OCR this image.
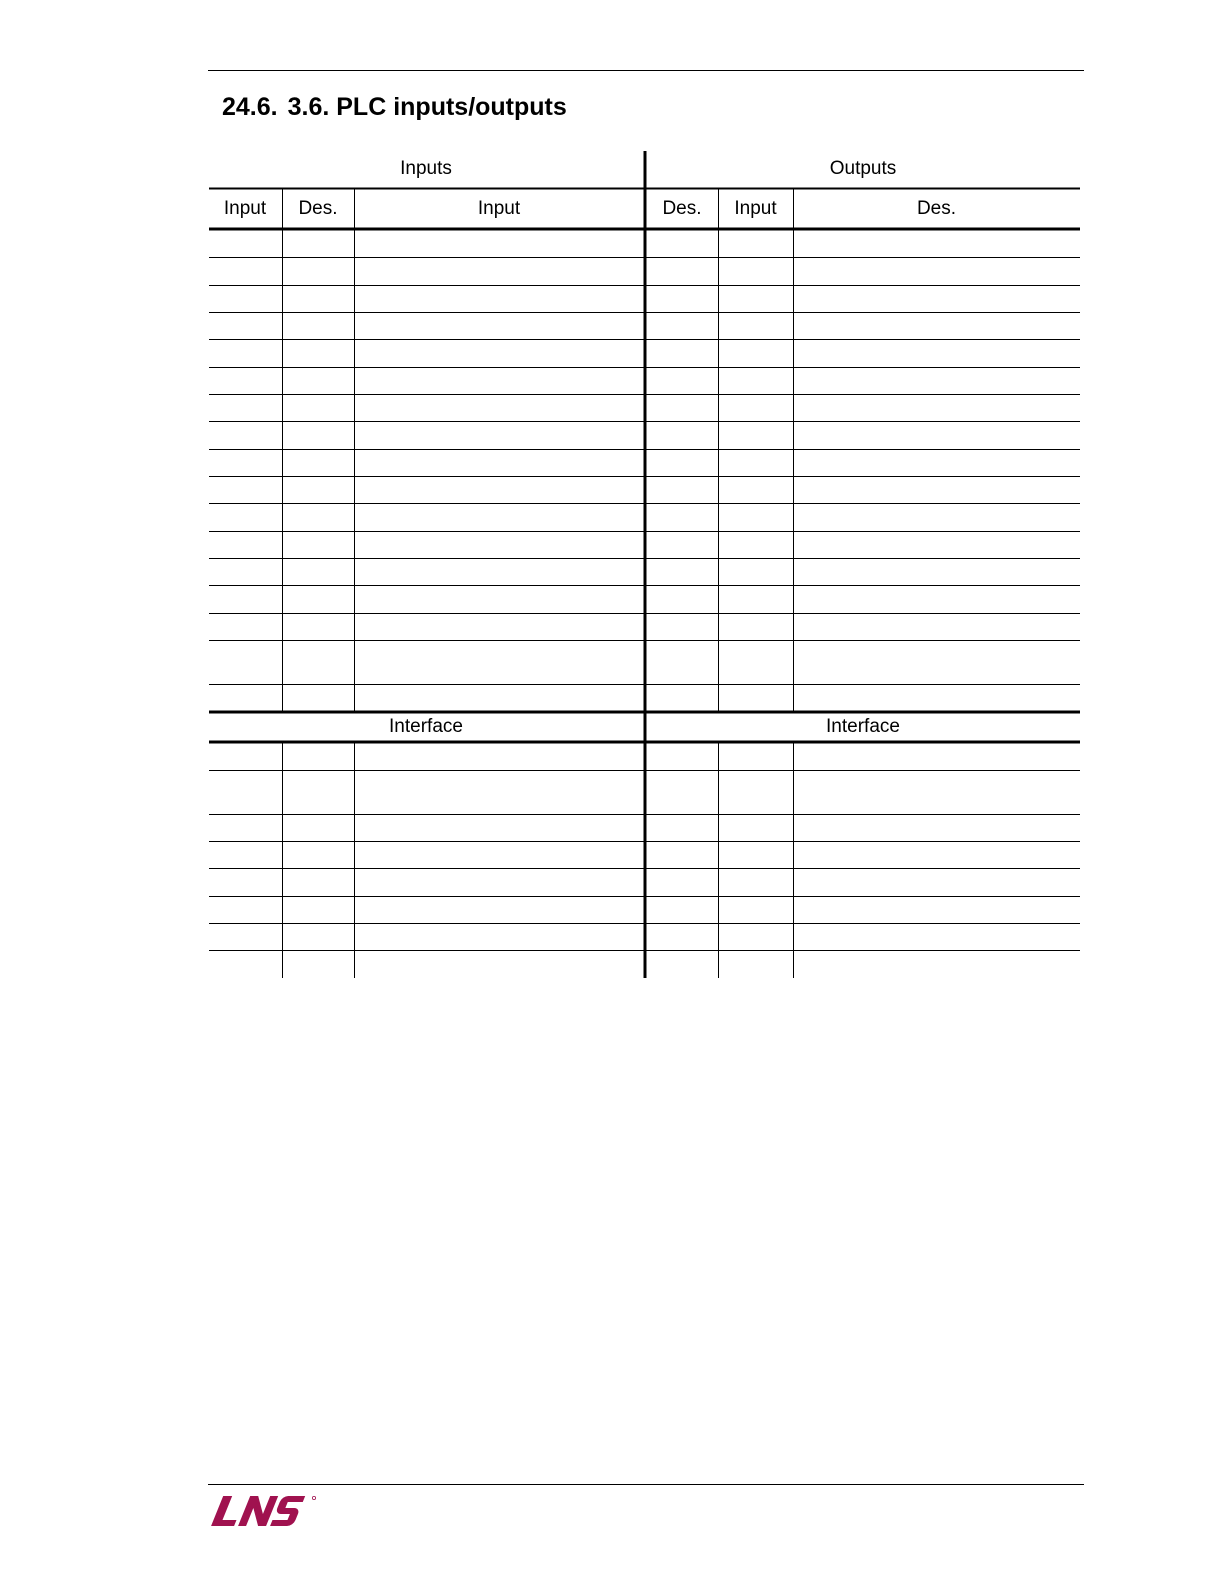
24.6. 3.6. PLC inputs/outputs
Inputs	Outputs
Input	Des.	Input	Des.	Input	Des.
Interface	Interface
